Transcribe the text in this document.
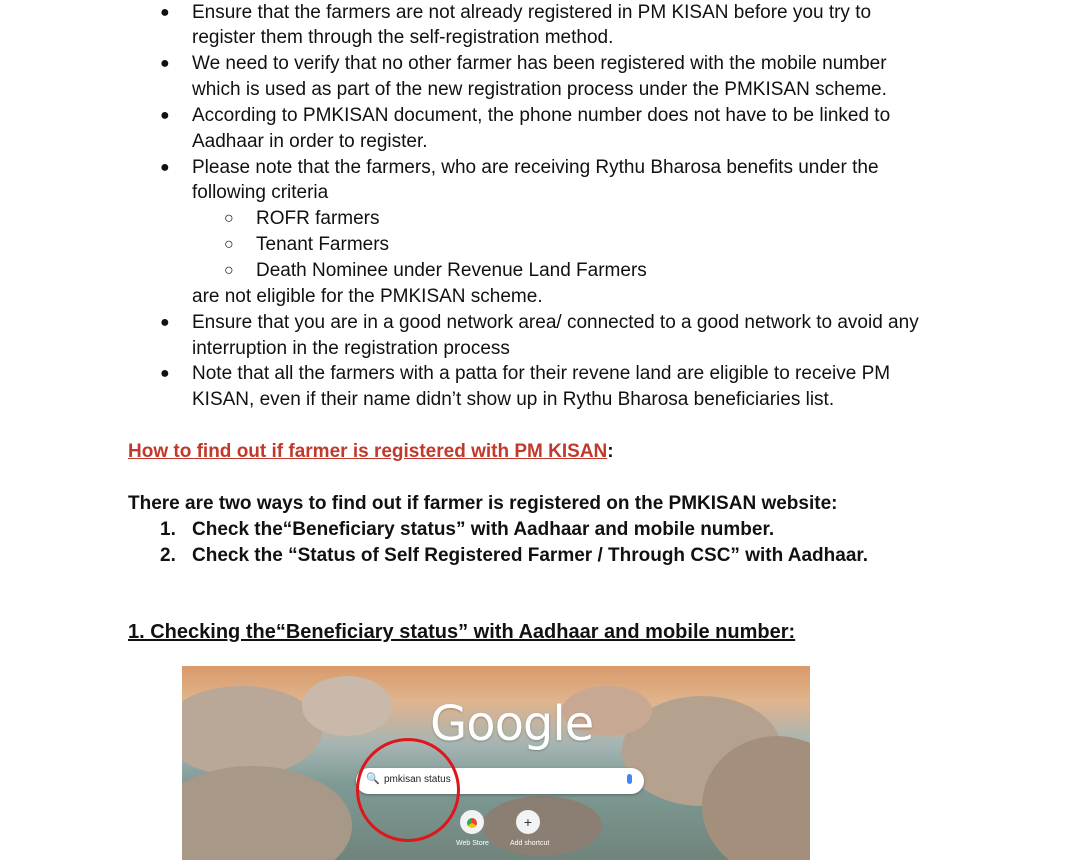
● Ensure that the farmers are not already registered in PM KISAN before you try to
register them through the self-registration method.
● We need to verify that no other farmer has been registered with the mobile number
which is used as part of the new registration process under the PMKISAN scheme.
● According to PMKISAN document, the phone number does not have to be linked to
Aadhaar in order to register.
● Please note that the farmers, who are receiving Rythu Bharosa benefits under the
following criteria
○ ROFR farmers
○ Tenant Farmers
○ Death Nominee under Revenue Land Farmers
are not eligible for the PMKISAN scheme.
● Ensure that you are in a good network area/ connected to a good network to avoid any
interruption in the registration process
● Note that all the farmers with a patta for their revene land are eligible to receive PM
KISAN, even if their name didn’t show up in Rythu Bharosa beneficiaries list.
How to find out if farmer is registered with PM KISAN:
There are two ways to find out if farmer is registered on the PMKISAN website:
1. Check the“Beneficiary status” with Aadhaar and mobile number.
2. Check the “Status of Self Registered Farmer / Through CSC” with Aadhaar.
1. Checking the“Beneficiary status” with Aadhaar and mobile number:
Google
🔍 pmkisan status
Web Store
+
Add shortcut
